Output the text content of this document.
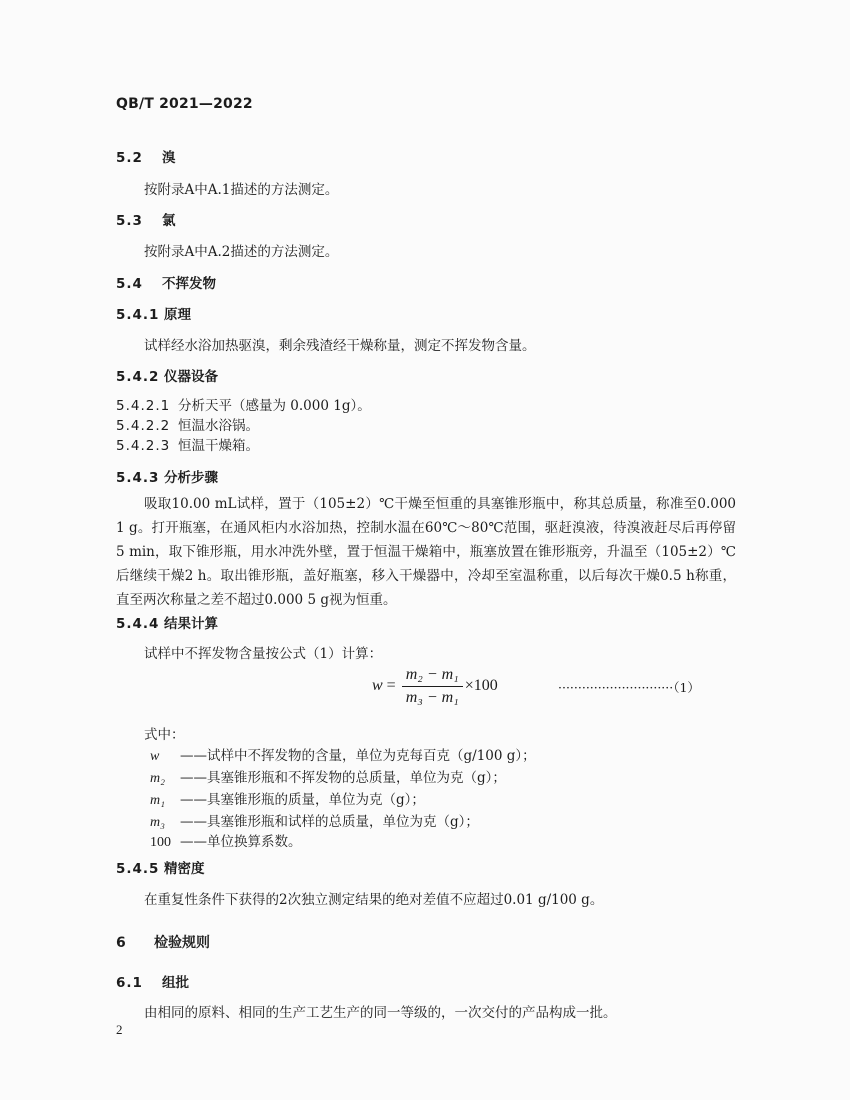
QB/T 2021—2022
5.2 溴
按附录A中A.1描述的方法测定。
5.3 氯
按附录A中A.2描述的方法测定。
5.4 不挥发物
5.4.1 原理
试样经水浴加热驱溴，剩余残渣经干燥称量，测定不挥发物含量。
5.4.2 仪器设备
5.4.2.1 分析天平（感量为 0.000 1g）。
5.4.2.2 恒温水浴锅。
5.4.2.3 恒温干燥箱。
5.4.3 分析步骤
吸取10.00 mL试样，置于（105±2）℃干燥至恒重的具塞锥形瓶中，称其总质量，称准至0.000 1 g。打开瓶塞，在通风柜内水浴加热，控制水温在60℃～80℃范围，驱赶溴液，待溴液赶尽后再停留5 min，取下锥形瓶，用水冲洗外壁，置于恒温干燥箱中，瓶塞放置在锥形瓶旁，升温至（105±2）℃后继续干燥2 h。取出锥形瓶，盖好瓶塞，移入干燥器中，冷却至室温称重，以后每次干燥0.5 h称重，直至两次称量之差不超过0.000 5 g视为恒重。
5.4.4 结果计算
试样中不挥发物含量按公式（1）计算：
$w = \frac{\text{m₂ − m₁}}{\text{m₃ − m₁}} \times 100$	·····························（1）
式中：
w ——试样中不挥发物的含量，单位为克每百克（g/100 g）；
m₂ ——具塞锥形瓶和不挥发物的总质量，单位为克（g）；
m₁ ——具塞锥形瓶的质量，单位为克（g）；
m₃ ——具塞锥形瓶和试样的总质量，单位为克（g）；
100 ——单位换算系数。
5.4.5 精密度
在重复性条件下获得的2次独立测定结果的绝对差值不应超过0.01 g/100 g。
6 检验规则
6.1 组批
由相同的原料、相同的生产工艺生产的同一等级的，一次交付的产品构成一批。
2
